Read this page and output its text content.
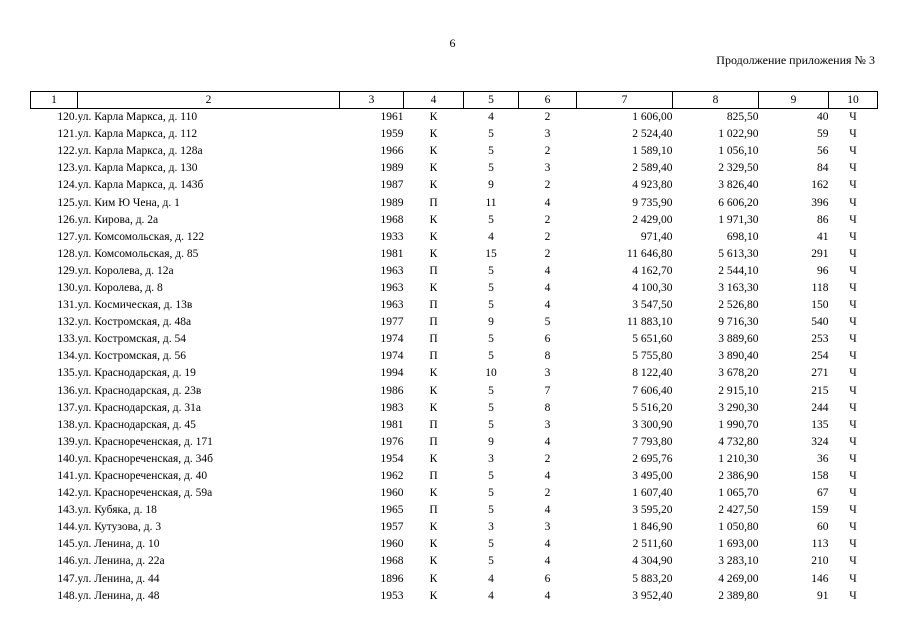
6
Продолжение приложения № 3
1	2	3	4	5	6	7	8	9	10
120.	ул. Карла Маркса, д. 110	1961	К	4	2	1 606,00	825,50	40	Ч
121.	ул. Карла Маркса, д. 112	1959	К	5	3	2 524,40	1 022,90	59	Ч
122.	ул. Карла Маркса, д. 128а	1966	К	5	2	1 589,10	1 056,10	56	Ч
123.	ул. Карла Маркса, д. 130	1989	К	5	3	2 589,40	2 329,50	84	Ч
124.	ул. Карла Маркса, д. 143б	1987	К	9	2	4 923,80	3 826,40	162	Ч
125.	ул. Ким Ю Чена, д. 1	1989	П	11	4	9 735,90	6 606,20	396	Ч
126.	ул. Кирова, д. 2а	1968	К	5	2	2 429,00	1 971,30	86	Ч
127.	ул. Комсомольская, д. 122	1933	К	4	2	971,40	698,10	41	Ч
128.	ул. Комсомольская, д. 85	1981	К	15	2	11 646,80	5 613,30	291	Ч
129.	ул. Королева, д. 12а	1963	П	5	4	4 162,70	2 544,10	96	Ч
130.	ул. Королева, д. 8	1963	К	5	4	4 100,30	3 163,30	118	Ч
131.	ул. Космическая, д. 13в	1963	П	5	4	3 547,50	2 526,80	150	Ч
132.	ул. Костромская, д. 48а	1977	П	9	5	11 883,10	9 716,30	540	Ч
133.	ул. Костромская, д. 54	1974	П	5	6	5 651,60	3 889,60	253	Ч
134.	ул. Костромская, д. 56	1974	П	5	8	5 755,80	3 890,40	254	Ч
135.	ул. Краснодарская, д. 19	1994	К	10	3	8 122,40	3 678,20	271	Ч
136.	ул. Краснодарская, д. 23в	1986	К	5	7	7 606,40	2 915,10	215	Ч
137.	ул. Краснодарская, д. 31а	1983	К	5	8	5 516,20	3 290,30	244	Ч
138.	ул. Краснодарская, д. 45	1981	П	5	3	3 300,90	1 990,70	135	Ч
139.	ул. Краснореченская, д. 171	1976	П	9	4	7 793,80	4 732,80	324	Ч
140.	ул. Краснореченская, д. 34б	1954	К	3	2	2 695,76	1 210,30	36	Ч
141.	ул. Краснореченская, д. 40	1962	П	5	4	3 495,00	2 386,90	158	Ч
142.	ул. Краснореченская, д. 59а	1960	К	5	2	1 607,40	1 065,70	67	Ч
143.	ул. Кубяка, д. 18	1965	П	5	4	3 595,20	2 427,50	159	Ч
144.	ул. Кутузова, д. 3	1957	К	3	3	1 846,90	1 050,80	60	Ч
145.	ул. Ленина, д. 10	1960	К	5	4	2 511,60	1 693,00	113	Ч
146.	ул. Ленина, д. 22а	1968	К	5	4	4 304,90	3 283,10	210	Ч
147.	ул. Ленина, д. 44	1896	К	4	6	5 883,20	4 269,00	146	Ч
148.	ул. Ленина, д. 48	1953	К	4	4	3 952,40	2 389,80	91	Ч
